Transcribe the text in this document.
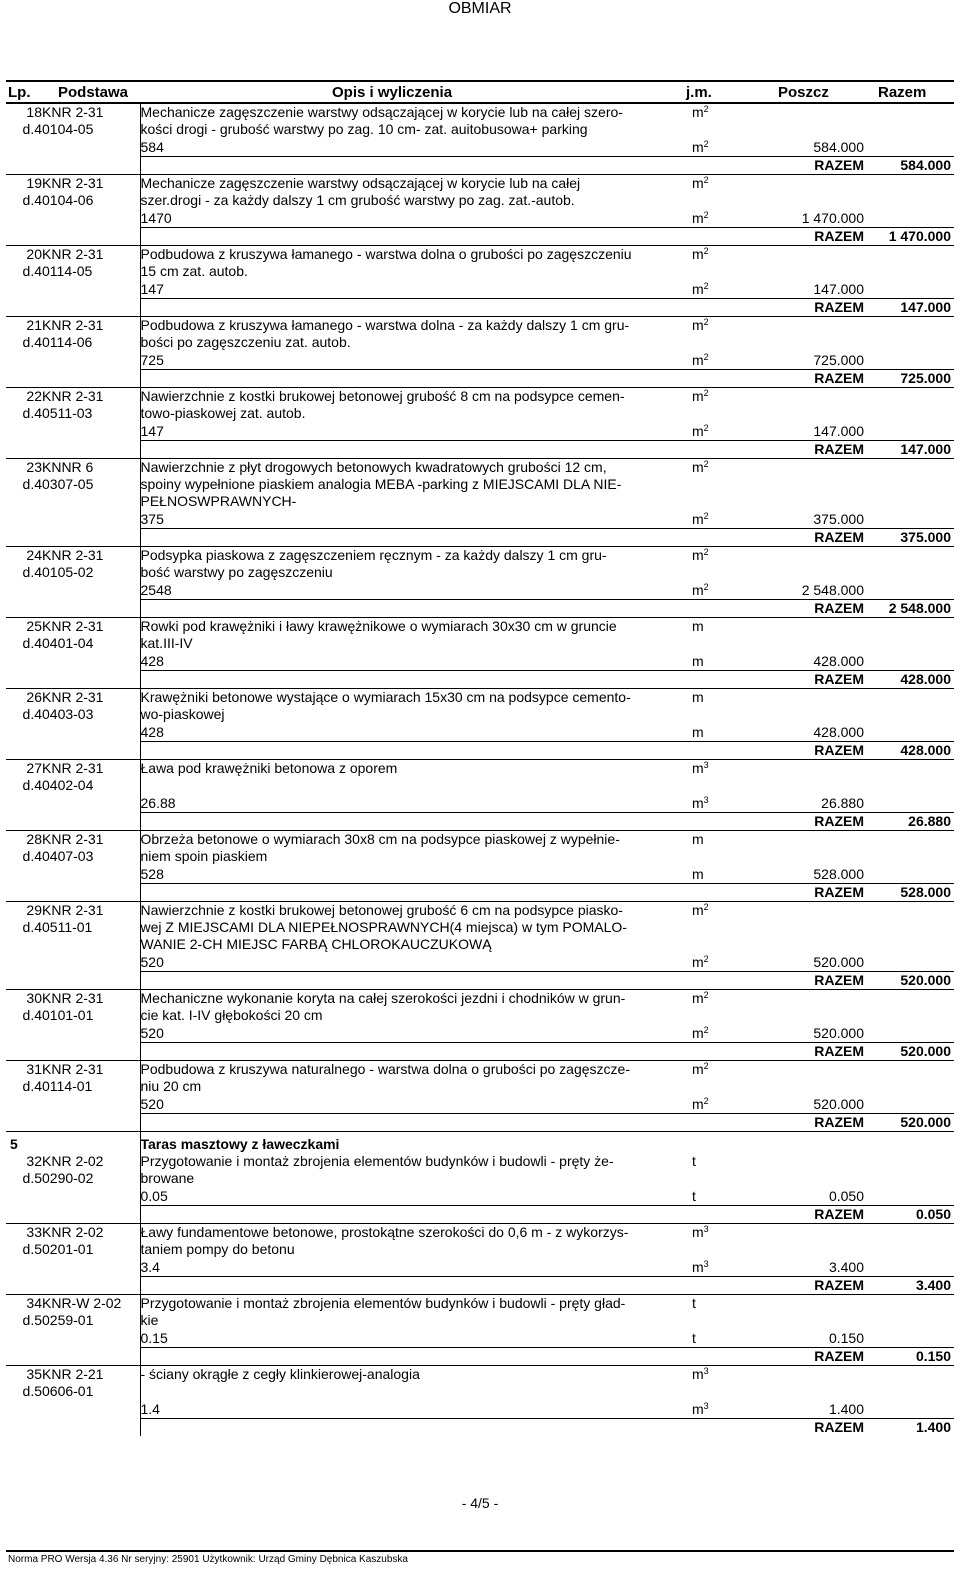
OBMIAR
Lp. Podstawa	Opis i wyliczenia	j.m.	Poszcz	Razem
18	KNR 2-31	Mechanicze zagęszczenie warstwy odsączającej w korycie lub na całej szero-	$m^2$		
d.4	0104-05	kości drogi - grubość warstwy po zag. 10 cm- zat. auitobusowa+ parking			
		584	$m^2$	584.000	
				RAZEM	584.000
19	KNR 2-31	Mechanicze zagęszczenie warstwy odsączającej w korycie lub na całej	$m^2$		
d.4	0104-06	szer.drogi - za każdy dalszy 1 cm grubość warstwy po zag. zat.-autob.			
		1470	$m^2$	1 470.000	
				RAZEM	1 470.000
20	KNR 2-31	Podbudowa z kruszywa łamanego - warstwa dolna o grubości po zagęszczeniu	$m^2$		
d.4	0114-05	15 cm zat. autob.			
		147	$m^2$	147.000	
				RAZEM	147.000
21	KNR 2-31	Podbudowa z kruszywa łamanego - warstwa dolna - za każdy dalszy 1 cm gru-	$m^2$		
d.4	0114-06	bości po zagęszczeniu zat. autob.			
		725	$m^2$	725.000	
				RAZEM	725.000
22	KNR 2-31	Nawierzchnie z kostki brukowej betonowej grubość 8 cm na podsypce cemen-	$m^2$		
d.4	0511-03	towo-piaskowej zat. autob.			
		147	$m^2$	147.000	
				RAZEM	147.000
23	KNNR 6	Nawierzchnie z płyt drogowych betonowych kwadratowych grubości 12 cm,	$m^2$		
d.4	0307-05	spoiny wypełnione piaskiem analogia MEBA -parking z MIEJSCAMI DLA NIE-			
		PEŁNOSWPRAWNYCH-			
		375	$m^2$	375.000	
				RAZEM	375.000
24	KNR 2-31	Podsypka piaskowa z zagęszczeniem ręcznym - za każdy dalszy 1 cm gru-	$m^2$		
d.4	0105-02	bość warstwy po zagęszczeniu			
		2548	$m^2$	2 548.000	
				RAZEM	2 548.000
25	KNR 2-31	Rowki pod krawężniki i ławy krawężnikowe o wymiarach 30x30 cm w gruncie	m		
d.4	0401-04	kat.III-IV			
		428	m	428.000	
				RAZEM	428.000
26	KNR 2-31	Krawężniki betonowe wystające o wymiarach 15x30 cm na podsypce cemento-	m		
d.4	0403-03	wo-piaskowej			
		428	m	428.000	
				RAZEM	428.000
27	KNR 2-31	Ława pod krawężniki betonowa z oporem	$m^3$		
d.4	0402-04				
		26.88	$m^3$	26.880	
				RAZEM	26.880
28	KNR 2-31	Obrzeża betonowe o wymiarach 30x8 cm na podsypce piaskowej z wypełnie-	m		
d.4	0407-03	niem spoin piaskiem			
		528	m	528.000	
				RAZEM	528.000
29	KNR 2-31	Nawierzchnie z kostki brukowej betonowej grubość 6 cm na podsypce piasko-	$m^2$		
d.4	0511-01	wej Z MIEJSCAMI DLA NIEPEŁNOSPRAWNYCH(4 miejsca) w tym POMALO-			
		WANIE 2-CH MIEJSC FARBĄ CHLOROKAUCZUKOWĄ			
		520	$m^2$	520.000	
				RAZEM	520.000
30	KNR 2-31	Mechaniczne wykonanie koryta na całej szerokości jezdni i chodników w grun-	$m^2$		
d.4	0101-01	cie kat. I-IV głębokości 20 cm			
		520	$m^2$	520.000	
				RAZEM	520.000
31	KNR 2-31	Podbudowa z kruszywa naturalnego - warstwa dolna o grubości po zagęszcze-	$m^2$		
d.4	0114-01	niu 20 cm			
		520	$m^2$	520.000	
				RAZEM	520.000
5		Taras masztowy z ławeczkami			
32	KNR 2-02	Przygotowanie i montaż zbrojenia elementów budynków i budowli - pręty że-	t		
d.5	0290-02	browane			
		0.05	t	0.050	
				RAZEM	0.050
33	KNR 2-02	Ławy fundamentowe betonowe, prostokątne szerokości do 0,6 m - z wykorzys-	$m^3$		
d.5	0201-01	taniem pompy do betonu			
		3.4	$m^3$	3.400	
				RAZEM	3.400
34	KNR-W 2-02	Przygotowanie i montaż zbrojenia elementów budynków i budowli - pręty gład-	t		
d.5	0259-01	kie			
		0.15	t	0.150	
				RAZEM	0.150
35	KNR 2-21	- ściany okrągłe z cegły klinkierowej-analogia	$m^3$		
d.5	0606-01				
		1.4	$m^3$	1.400	
				RAZEM	1.400
- 4/5 -
Norma PRO Wersja 4.36 Nr seryjny: 25901 Użytkownik: Urząd Gminy Dębnica Kaszubska
